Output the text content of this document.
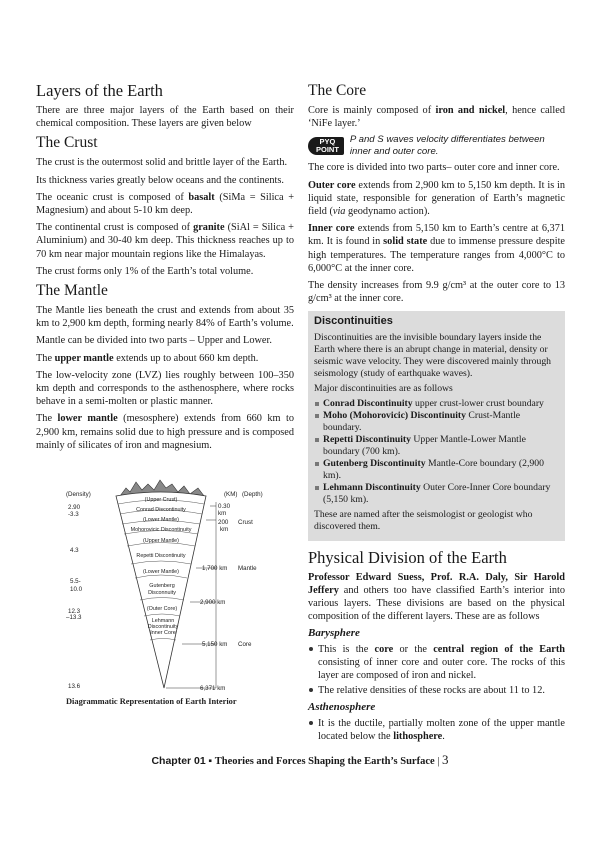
Layers of the Earth

There are three major layers of the Earth based on their chemical composition. These layers are given below

The Crust

The crust is the outermost solid and brittle layer of the Earth.

Its thickness varies greatly below oceans and the continents.

The oceanic crust is composed of basalt (SiMa = Silica + Magnesium) and about 5-10 km deep.

The continental crust is composed of granite (SiAl = Silica + Aluminium) and 30-40 km deep. This thickness reaches up to 70 km near major mountain regions like the Himalayas.

The crust forms only 1% of the Earth’s total volume.

The Mantle

The Mantle lies beneath the crust and extends from about 35 km to 2,900 km depth, forming nearly 84% of Earth’s volume.

Mantle can be divided into two parts – Upper and Lower.

The upper mantle extends up to about 660 km depth.

The low-velocity zone (LVZ) lies roughly between 100–350 km depth and corresponds to the asthenosphere, where rocks behave in a semi-molten or plastic manner.

The lower mantle (mesosphere) extends from 660 km to 2,900 km, remains solid due to high pressure and is composed mainly of silicates of iron and magnesium.

(Density)	(KM) (Depth)
(Upper Crust)
Conrad Discontinuity
(Lower Mantle)
Mohorovicic Discontinuity
(Upper Mantle)
Repetti Discontinuity
(Lower Mantle)
Gutenberg
Disconnuity
(Outer Core)
Lehmann
Discontinuity
Inner Core
2.90
-3.3
4.3
5.5-
10.0
12.3
–13.3
13.6
0.30
km
200
km
1,700 km
2,900 km
5,150 km
6,371 km
Crust
Mantle
Core
Diagrammatic Representation of Earth Interior
The Core

Core is mainly composed of iron and nickel, hence called ‘NiFe layer.’

PYQ
POINT
P and S waves velocity differentiates between inner and outer core.

The core is divided into two parts– outer core and inner core.

Outer core extends from 2,900 km to 5,150 km depth. It is in liquid state, responsible for generation of Earth’s magnetic field (via geodynamo action).

Inner core extends from 5,150 km to Earth’s centre at 6,371 km. It is found in solid state due to immense pressure despite high temperatures. The temperature ranges from 4,000°C to 6,000°C at the inner core.

The density increases from 9.9 g/cm³ at the outer core to 13 g/cm³ at the inner core.

Discontinuities

Discontinuities are the invisible boundary layers inside the Earth where there is an abrupt change in material, density or seismic wave velocity. They were discovered mainly through seismology (study of earthquake waves).

Major discontinuities are as follows

Conrad Discontinuity upper crust-lower crust boundary
Moho (Mohorovicic) Discontinuity Crust-Mantle boundary.
Repetti Discontinuity Upper Mantle-Lower Mantle boundary (700 km).
Gutenberg Discontinuity Mantle-Core boundary (2,900 km).
Lehmann Discontinuity Outer Core-Inner Core boundary (5,150 km).

These are named after the seismologist or geologist who discovered them.

Physical Division of the Earth

Professor Edward Suess, Prof. R.A. Daly, Sir Harold Jeffery and others too have classified Earth’s interior into various layers. These divisions are based on the physical composition of the different layers. These are as follows

Barysphere
This is the core or the central region of the Earth consisting of inner core and outer core. The rocks of this layer are composed of iron and nickel.
The relative densities of these rocks are about 11 to 12.
Asthenosphere
It is the ductile, partially molten zone of the upper mantle located below the lithosphere.
Chapter 01 ▪ Theories and Forces Shaping the Earth’s Surface | 3
